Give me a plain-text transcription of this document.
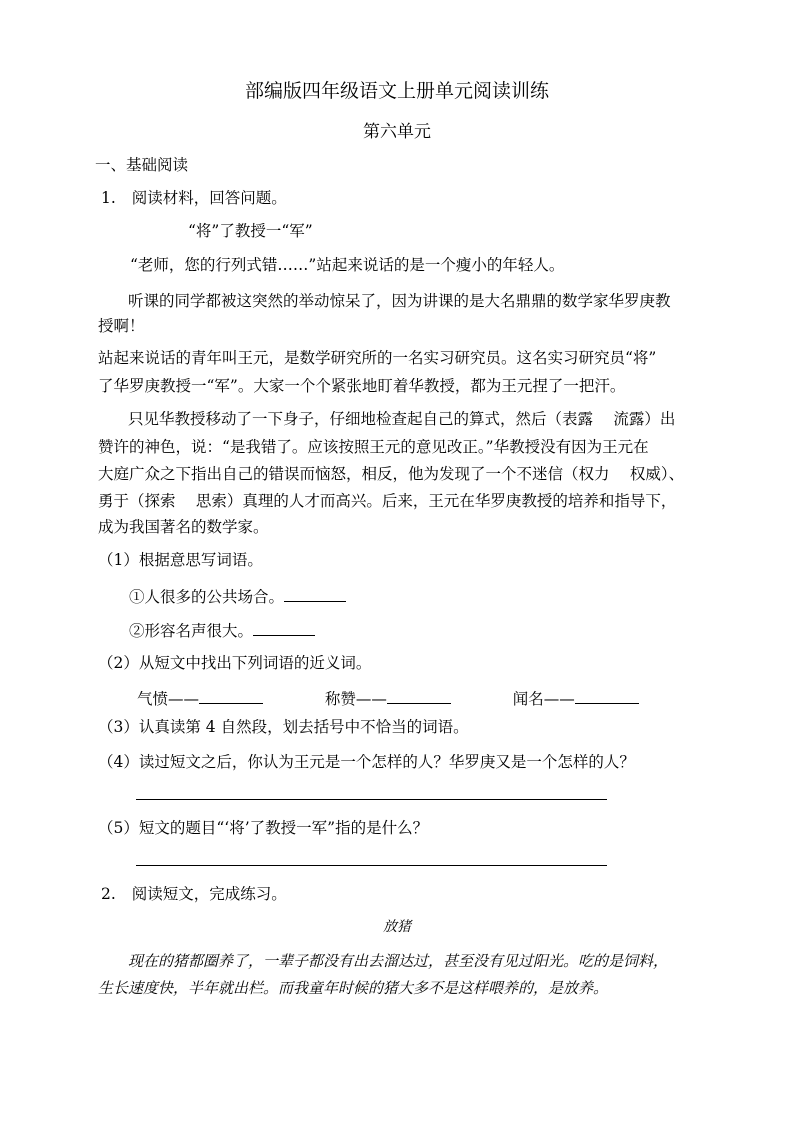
部编版四年级语文上册单元阅读训练
第六单元
一、基础阅读
1. 阅读材料，回答问题。
“将”了教授一“军”
“老师，您的行列式错……”站起来说话的是一个瘦小的年轻人。
听课的同学都被这突然的举动惊呆了，因为讲课的是大名鼎鼎的数学家华罗庚教
授啊！
站起来说话的青年叫王元，是数学研究所的一名实习研究员。这名实习研究员“将”
了华罗庚教授一“军”。大家一个个紧张地盯着华教授，都为王元捏了一把汗。
只见华教授移动了一下身子，仔细地检查起自己的算式，然后（表露　 流露）出
赞许的神色，说：“是我错了。应该按照王元的意见改正。”华教授没有因为王元在
大庭广众之下指出自己的错误而恼怒，相反，他为发现了一个不迷信（权力　 权威）、
勇于（探索　 思索）真理的人才而高兴。后来，王元在华罗庚教授的培养和指导下，
成为我国著名的数学家。
（1）根据意思写词语。
①人很多的公共场合。
②形容名声很大。
（2）从短文中找出下列词语的近义词。
气愤——	称赞——	闻名——
（3）认真读第 4 自然段，划去括号中不恰当的词语。
（4）读过短文之后，你认为王元是一个怎样的人？华罗庚又是一个怎样的人？
（5）短文的题目“‘将’了教授一军”指的是什么？
2. 阅读短文，完成练习。
放猪
现在的猪都圈养了，一辈子都没有出去溜达过，甚至没有见过阳光。吃的是饲料，
生长速度快，半年就出栏。而我童年时候的猪大多不是这样喂养的，是放养。
